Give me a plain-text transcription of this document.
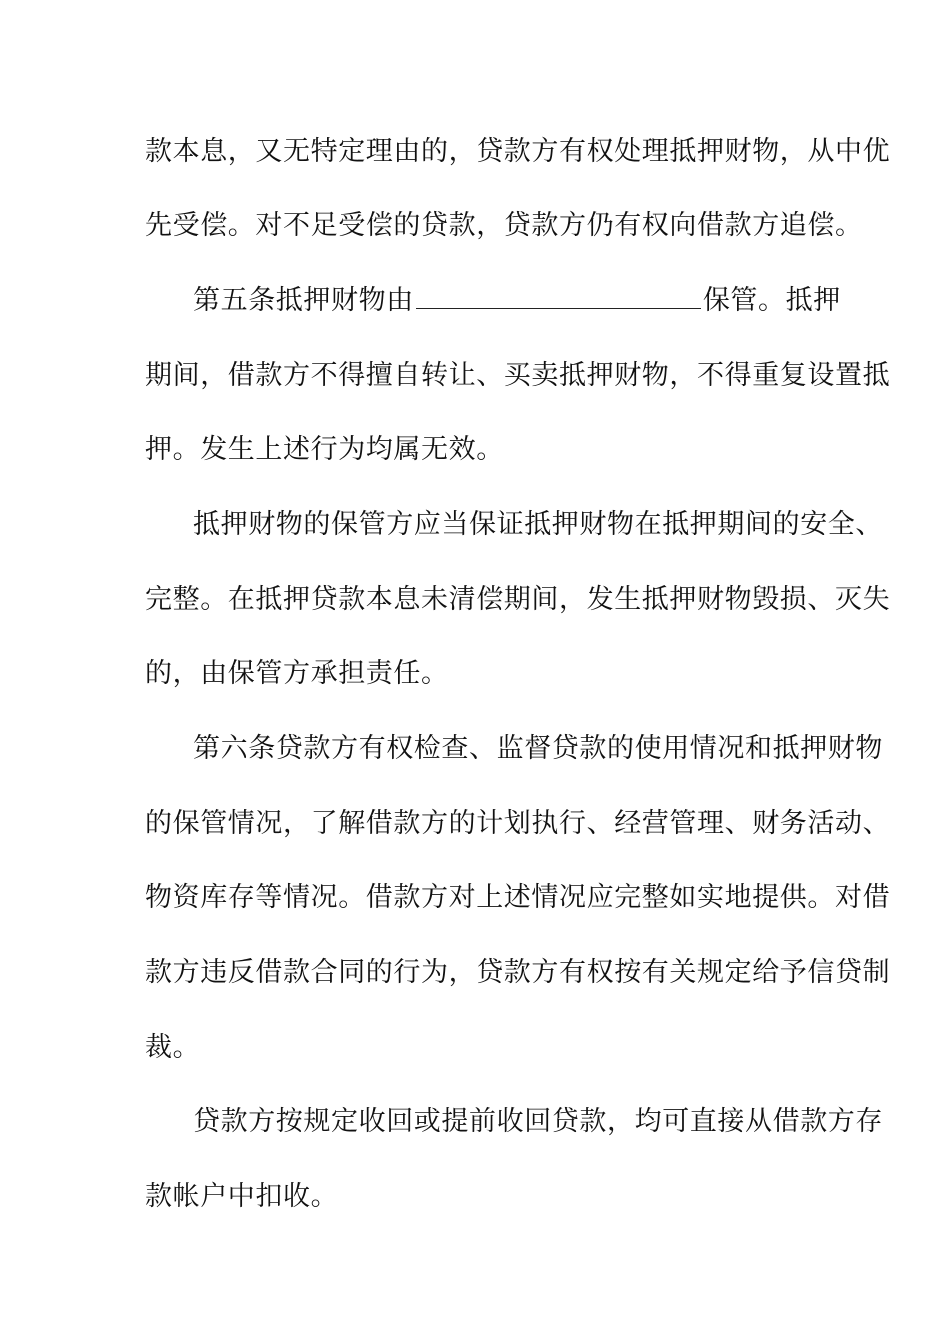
款本息，又无特定理由的，贷款方有权处理抵押财物，从中优
先受偿。对不足受偿的贷款，贷款方仍有权向借款方追偿。
第五条抵押财物由	保管。抵押
期间，借款方不得擅自转让、买卖抵押财物，不得重复设置抵
押。发生上述行为均属无效。
抵押财物的保管方应当保证抵押财物在抵押期间的安全、
完整。在抵押贷款本息未清偿期间，发生抵押财物毁损、灭失
的，由保管方承担责任。
第六条贷款方有权检查、监督贷款的使用情况和抵押财物
的保管情况，了解借款方的计划执行、经营管理、财务活动、
物资库存等情况。借款方对上述情况应完整如实地提供。对借
款方违反借款合同的行为，贷款方有权按有关规定给予信贷制
裁。
贷款方按规定收回或提前收回贷款，均可直接从借款方存
款帐户中扣收。
